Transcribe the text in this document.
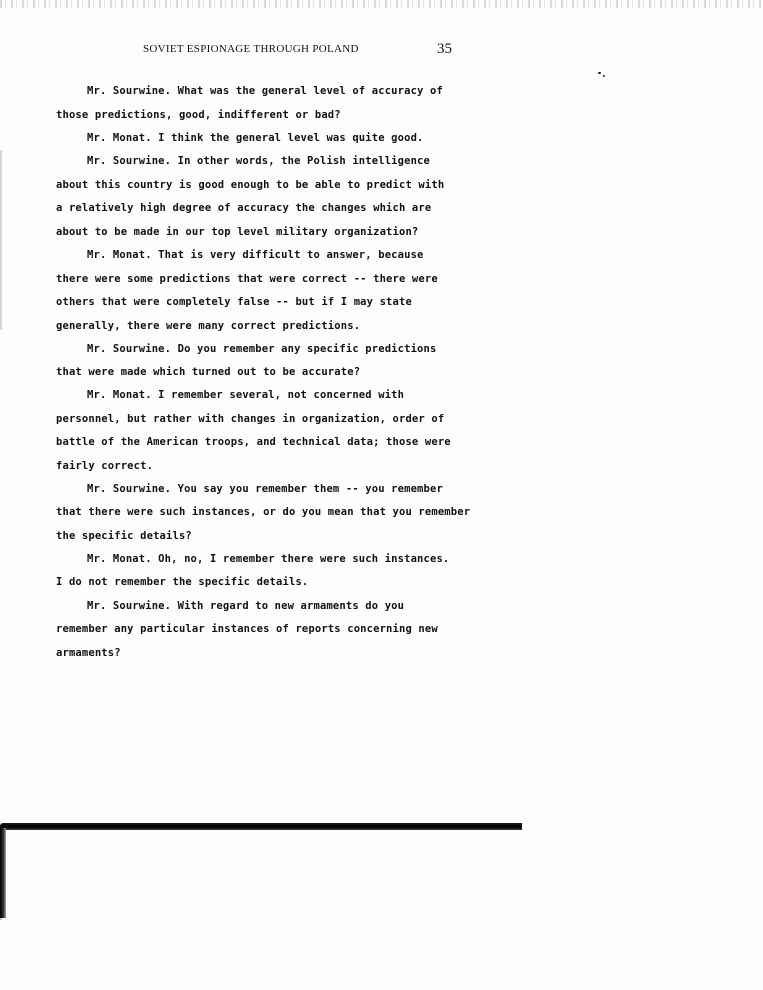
SOVIET ESPIONAGE THROUGH POLAND	35
Mr. Sourwine. What was the general level of accuracy of
those predictions, good, indifferent or bad?
Mr. Monat. I think the general level was quite good.
Mr. Sourwine. In other words, the Polish intelligence
about this country is good enough to be able to predict with
a relatively high degree of accuracy the changes which are
about to be made in our top level military organization?
Mr. Monat. That is very difficult to answer, because
there were some predictions that were correct -- there were
others that were completely false -- but if I may state
generally, there were many correct predictions.
Mr. Sourwine. Do you remember any specific predictions
that were made which turned out to be accurate?
Mr. Monat. I remember several, not concerned with
personnel, but rather with changes in organization, order of
battle of the American troops, and technical data; those were
fairly correct.
Mr. Sourwine. You say you remember them -- you remember
that there were such instances, or do you mean that you remember
the specific details?
Mr. Monat. Oh, no, I remember there were such instances.
I do not remember the specific details.
Mr. Sourwine. With regard to new armaments do you
remember any particular instances of reports concerning new
armaments?
